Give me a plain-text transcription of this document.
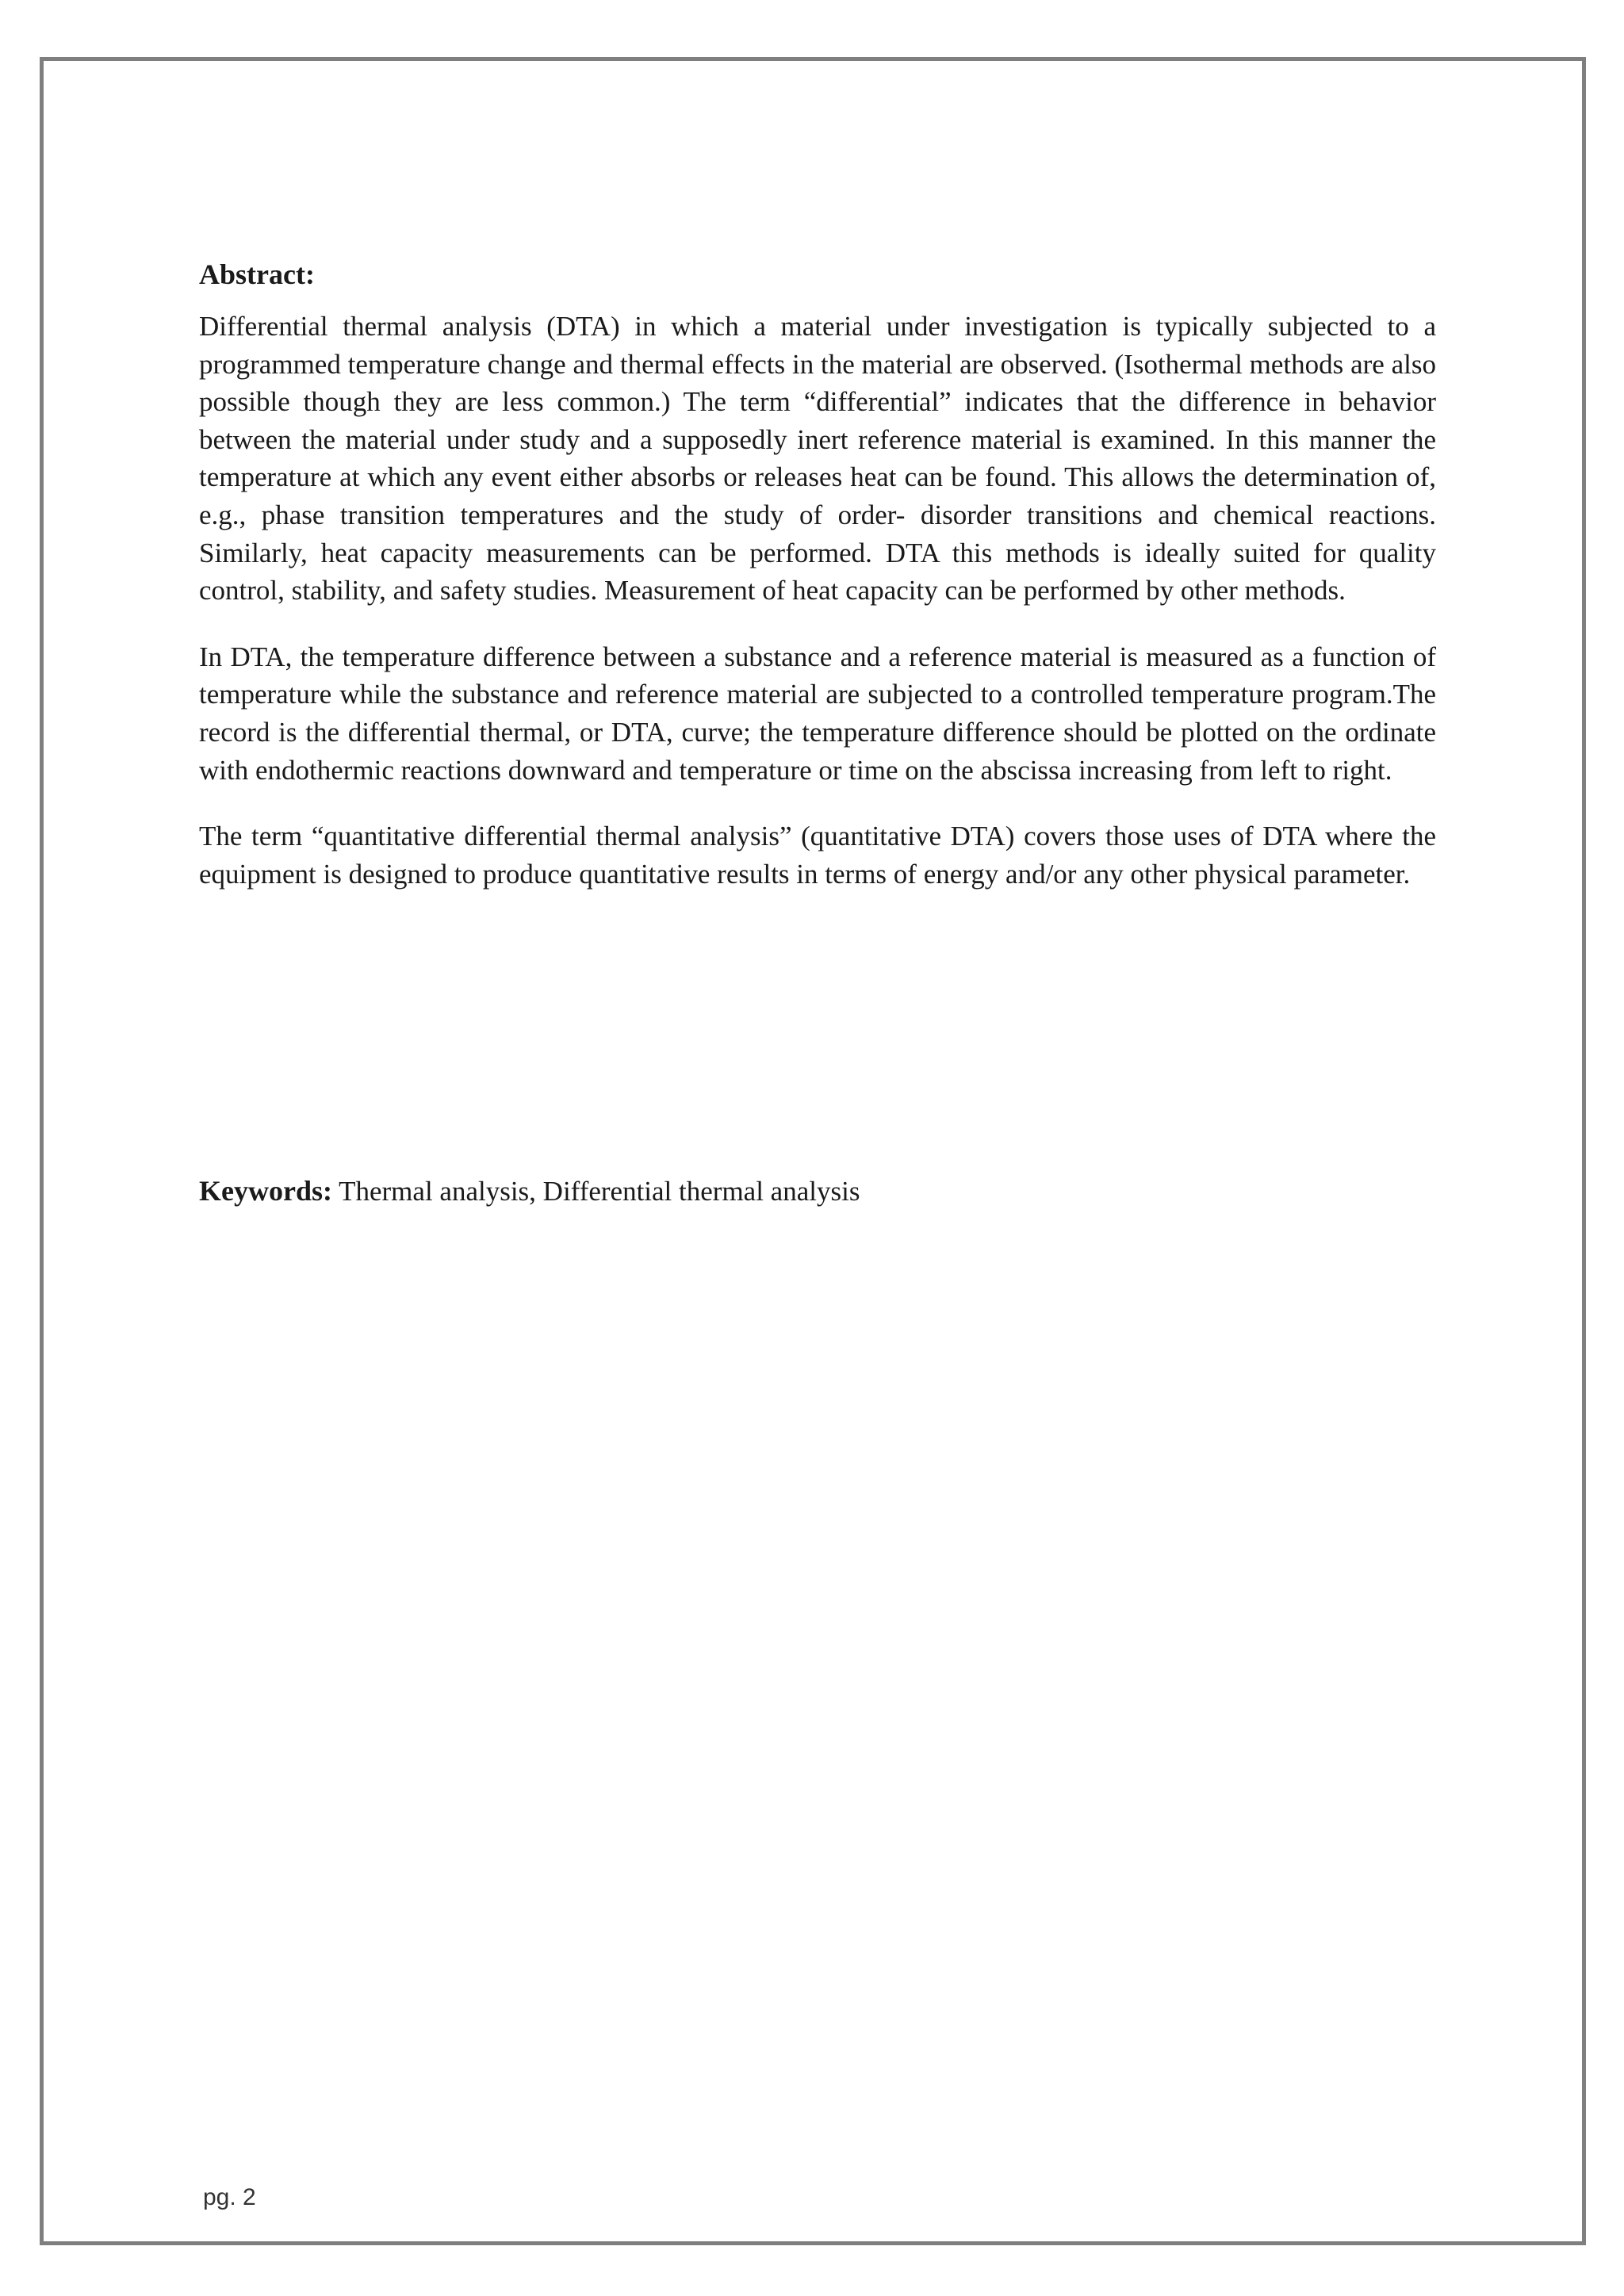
Abstract:

Differential thermal analysis (DTA) in which a material under investigation is typically subjected to a programmed temperature change and thermal effects in the material are observed. (Isothermal methods are also possible though they are less common.) The term “differential” indicates that the difference in behavior between the material under study and a supposedly inert reference material is examined. In this manner the temperature at which any event either absorbs or releases heat can be found. This allows the determination of, e.g., phase transition temperatures and the study of order- disorder transitions and chemical reactions. Similarly, heat capacity measurements can be performed. DTA this methods is ideally suited for quality control, stability, and safety studies. Measurement of heat capacity can be performed by other methods.

In DTA, the temperature difference between a substance and a reference material is measured as a function of temperature while the substance and reference material are subjected to a controlled temperature program.The record is the differential thermal, or DTA, curve; the temperature difference should be plotted on the ordinate with endothermic reactions downward and temperature or time on the abscissa increasing from left to right.

The term “quantitative differential thermal analysis” (quantitative DTA) covers those uses of DTA where the equipment is designed to produce quantitative results in terms of energy and/or any other physical parameter.

Keywords: Thermal analysis, Differential thermal analysis
pg. 2
